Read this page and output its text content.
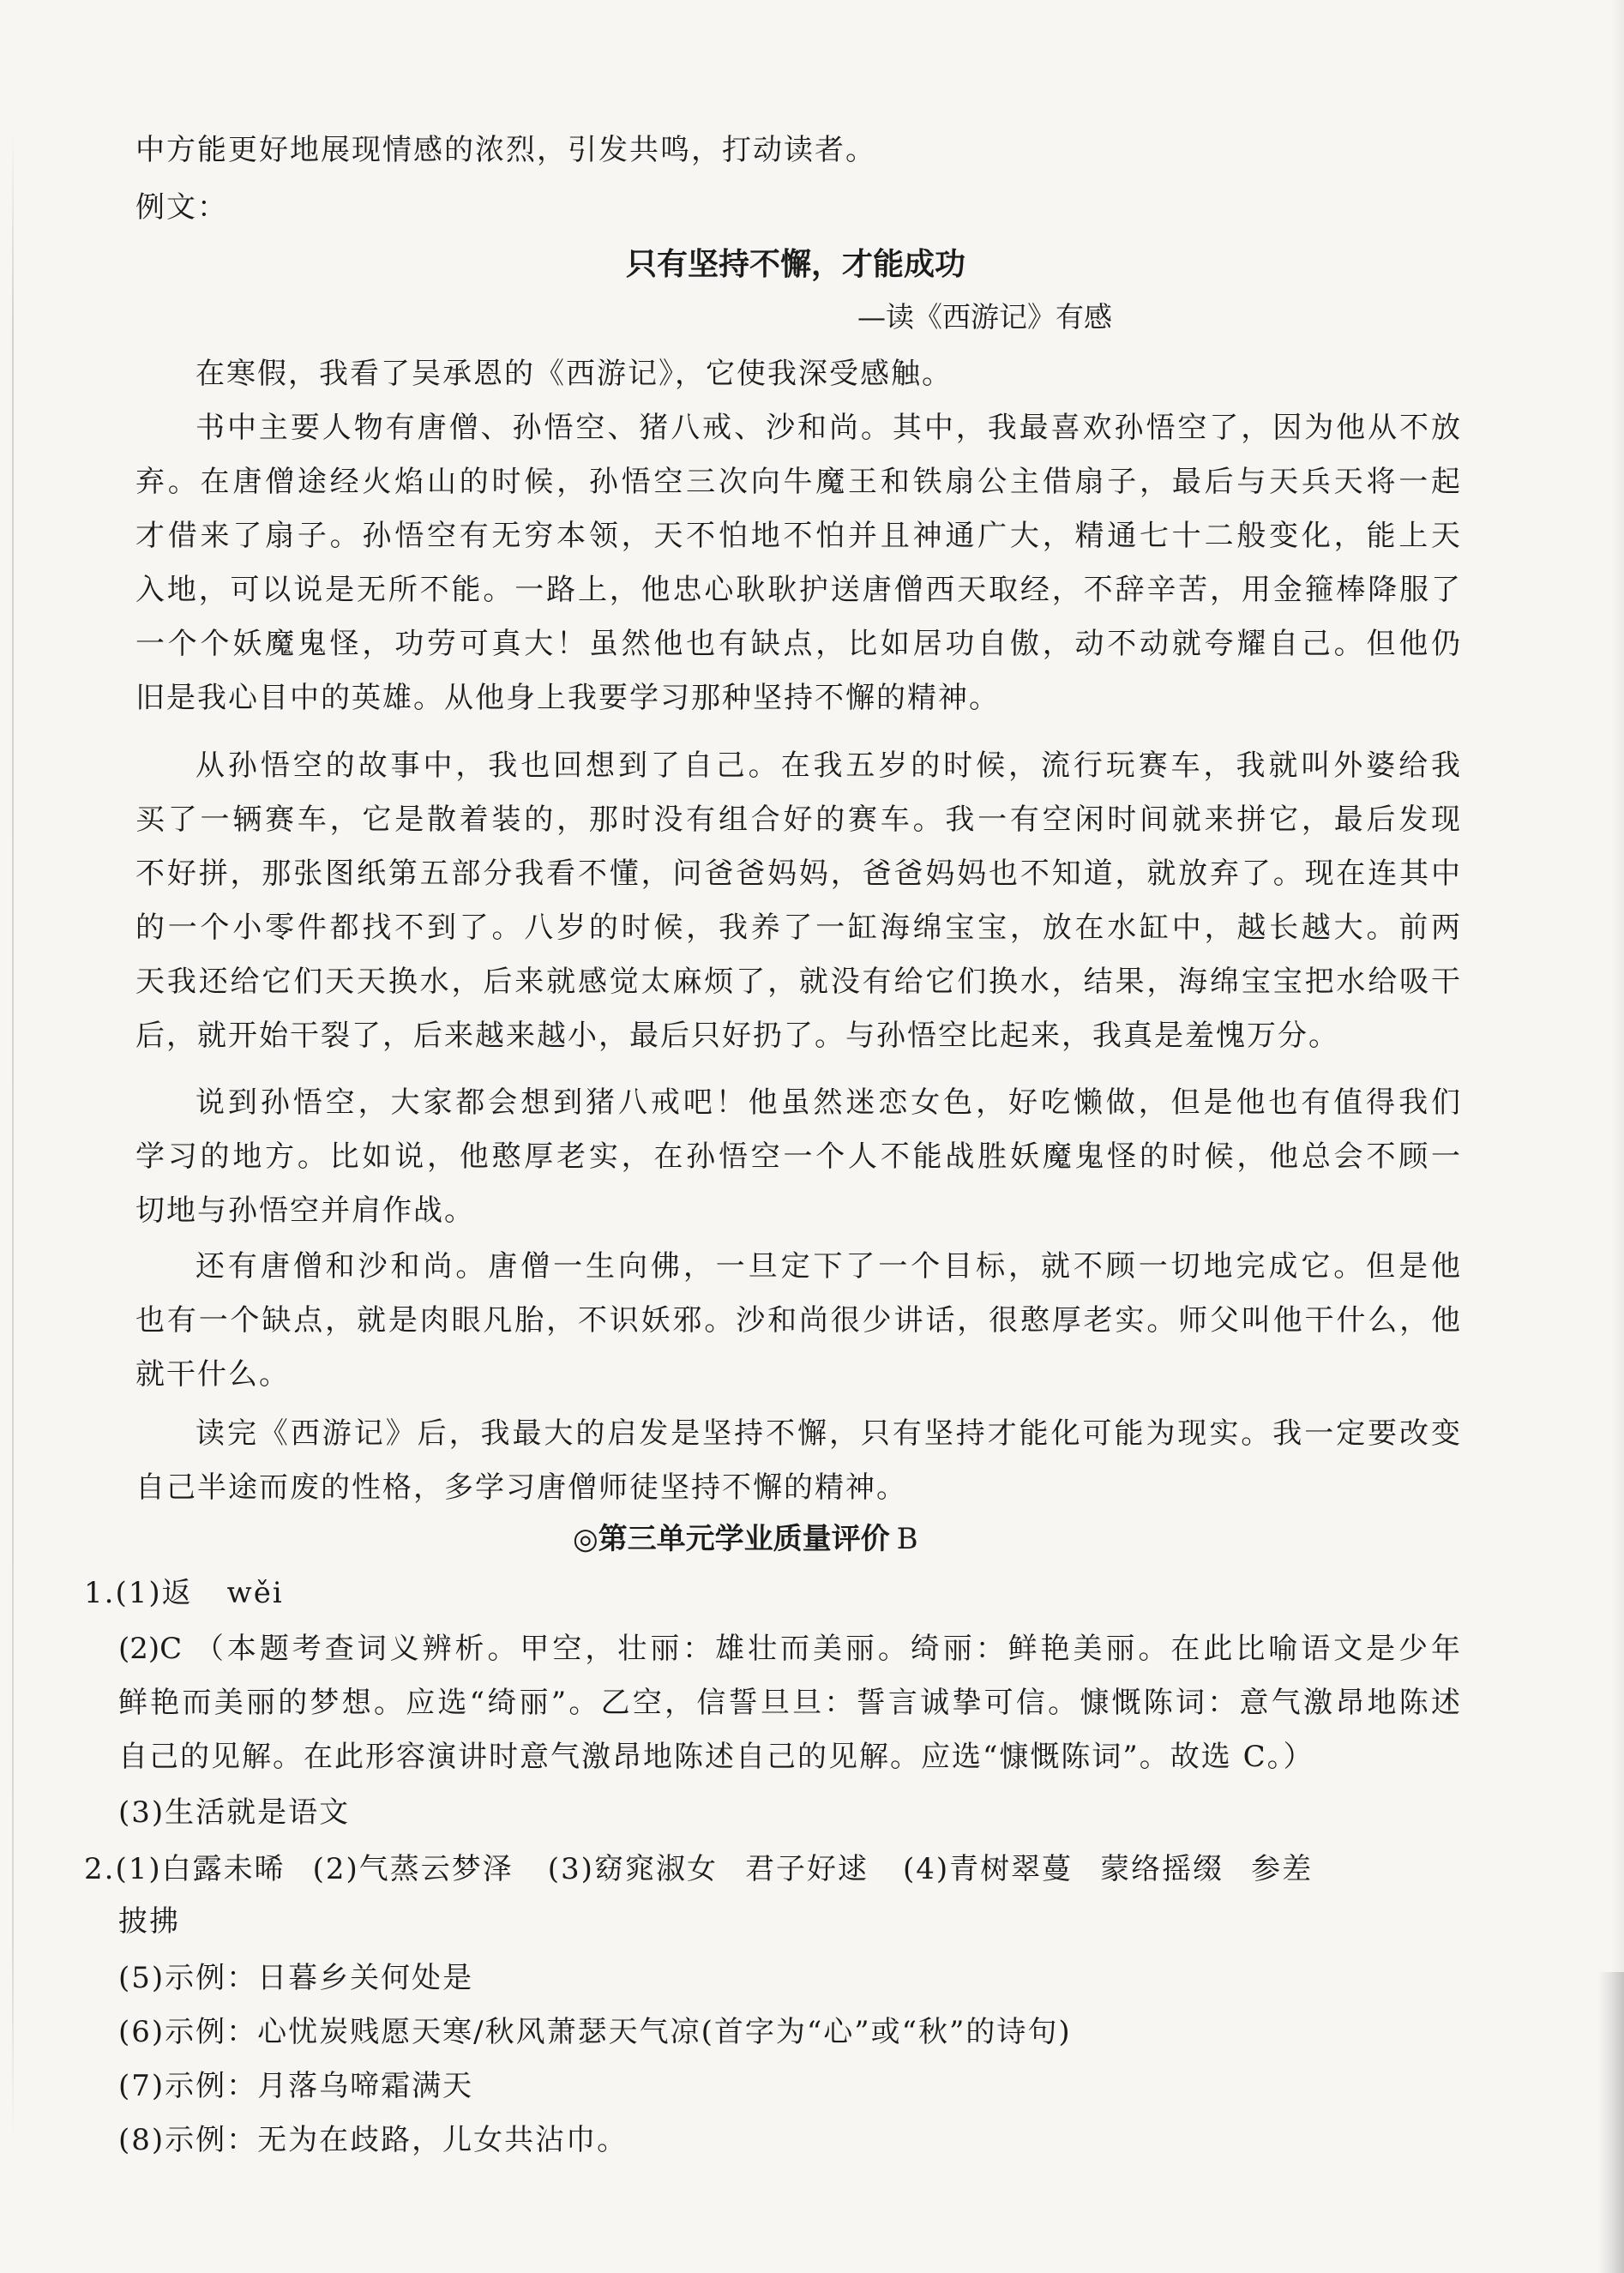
中方能更好地展现情感的浓烈，引发共鸣，打动读者。
例文：
只有坚持不懈，才能成功
—读《西游记》有感
在寒假，我看了吴承恩的《西游记》，它使我深受感触。
书中主要人物有唐僧、孙悟空、猪八戒、沙和尚。其中，我最喜欢孙悟空了，因为他从不放
弃。在唐僧途经火焰山的时候，孙悟空三次向牛魔王和铁扇公主借扇子，最后与天兵天将一起
才借来了扇子。孙悟空有无穷本领，天不怕地不怕并且神通广大，精通七十二般变化，能上天
入地，可以说是无所不能。一路上，他忠心耿耿护送唐僧西天取经，不辞辛苦，用金箍棒降服了
一个个妖魔鬼怪，功劳可真大！虽然他也有缺点，比如居功自傲，动不动就夸耀自己。但他仍
旧是我心目中的英雄。从他身上我要学习那种坚持不懈的精神。
从孙悟空的故事中，我也回想到了自己。在我五岁的时候，流行玩赛车，我就叫外婆给我
买了一辆赛车，它是散着装的，那时没有组合好的赛车。我一有空闲时间就来拼它，最后发现
不好拼，那张图纸第五部分我看不懂，问爸爸妈妈，爸爸妈妈也不知道，就放弃了。现在连其中
的一个小零件都找不到了。八岁的时候，我养了一缸海绵宝宝，放在水缸中，越长越大。前两
天我还给它们天天换水，后来就感觉太麻烦了，就没有给它们换水，结果，海绵宝宝把水给吸干
后，就开始干裂了，后来越来越小，最后只好扔了。与孙悟空比起来，我真是羞愧万分。
说到孙悟空，大家都会想到猪八戒吧！他虽然迷恋女色，好吃懒做，但是他也有值得我们
学习的地方。比如说，他憨厚老实，在孙悟空一个人不能战胜妖魔鬼怪的时候，他总会不顾一
切地与孙悟空并肩作战。
还有唐僧和沙和尚。唐僧一生向佛，一旦定下了一个目标，就不顾一切地完成它。但是他
也有一个缺点，就是肉眼凡胎，不识妖邪。沙和尚很少讲话，很憨厚老实。师父叫他干什么，他
就干什么。
读完《西游记》后，我最大的启发是坚持不懈，只有坚持才能化可能为现实。我一定要改变
自己半途而废的性格，多学习唐僧师徒坚持不懈的精神。
◎第三单元学业质量评价 B
1.(1)返 wěi
(2)C （本题考查词义辨析。甲空，壮丽：雄壮而美丽。绮丽：鲜艳美丽。在此比喻语文是少年
鲜艳而美丽的梦想。应选“绮丽”。乙空，信誓旦旦：誓言诚挚可信。慷慨陈词：意气激昂地陈述
自己的见解。在此形容演讲时意气激昂地陈述自己的见解。应选“慷慨陈词”。故选 C。）
(3)生活就是语文
2.(1)白露未晞 (2)气蒸云梦泽 (3)窈窕淑女 君子好逑 (4)青树翠蔓 蒙络摇缀 参差
披拂
(5)示例：日暮乡关何处是
(6)示例：心忧炭贱愿天寒/秋风萧瑟天气凉(首字为“心”或“秋”的诗句)
(7)示例：月落乌啼霜满天
(8)示例：无为在歧路，儿女共沾巾。
